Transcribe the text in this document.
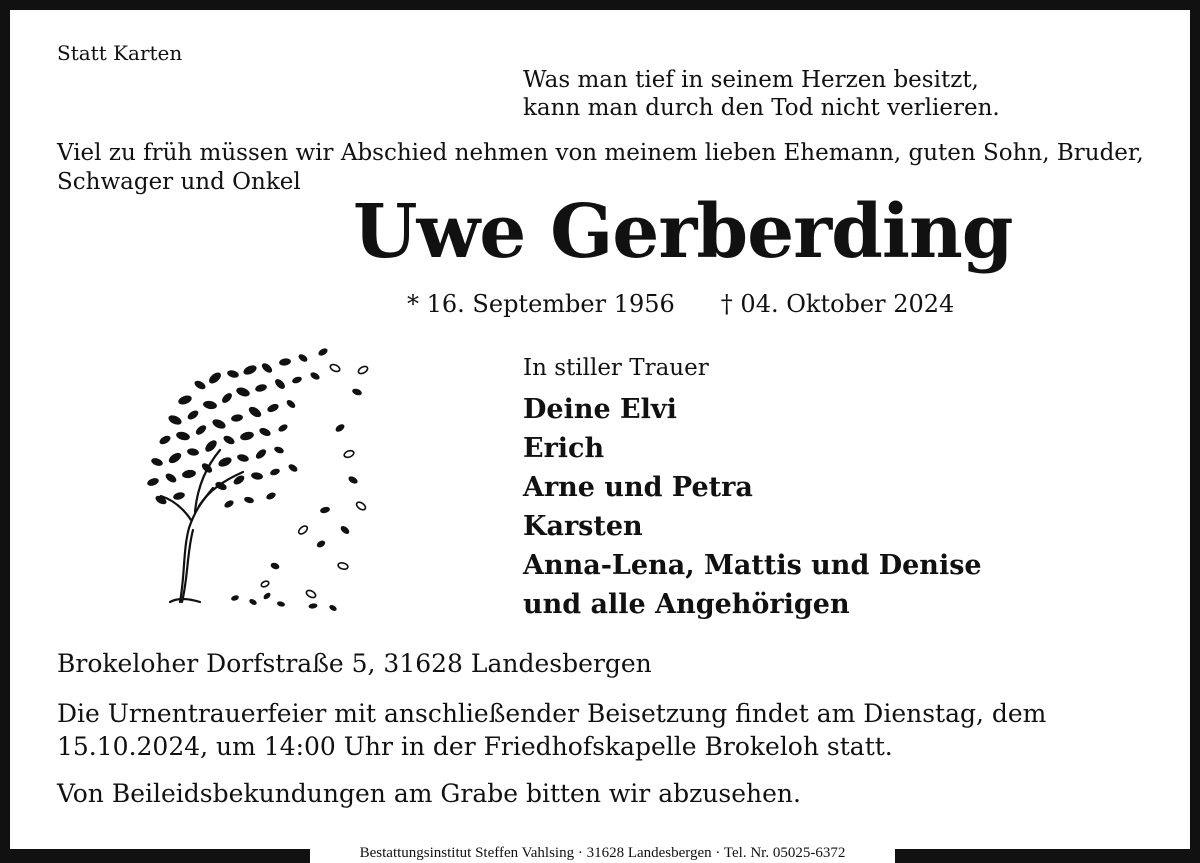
Statt Karten
Was man tief in seinem Herzen besitzt,
kann man durch den Tod nicht verlieren.
Viel zu früh müssen wir Abschied nehmen von meinem lieben Ehemann, guten Sohn, Bruder,
Schwager und Onkel
Uwe Gerberding
* 16. September 1956 † 04. Oktober 2024
In stiller Trauer
Deine Elvi
Erich
Arne und Petra
Karsten
Anna-Lena, Mattis und Denise
und alle Angehörigen
Brokeloher Dorfstraße 5, 31628 Landesbergen
Die Urnentrauerfeier mit anschließender Beisetzung findet am Dienstag, dem
15.10.2024, um 14:00 Uhr in der Friedhofskapelle Brokeloh statt.
Von Beileidsbekundungen am Grabe bitten wir abzusehen.
Bestattungsinstitut Steffen Vahlsing · 31628 Landesbergen · Tel. Nr. 05025-6372
